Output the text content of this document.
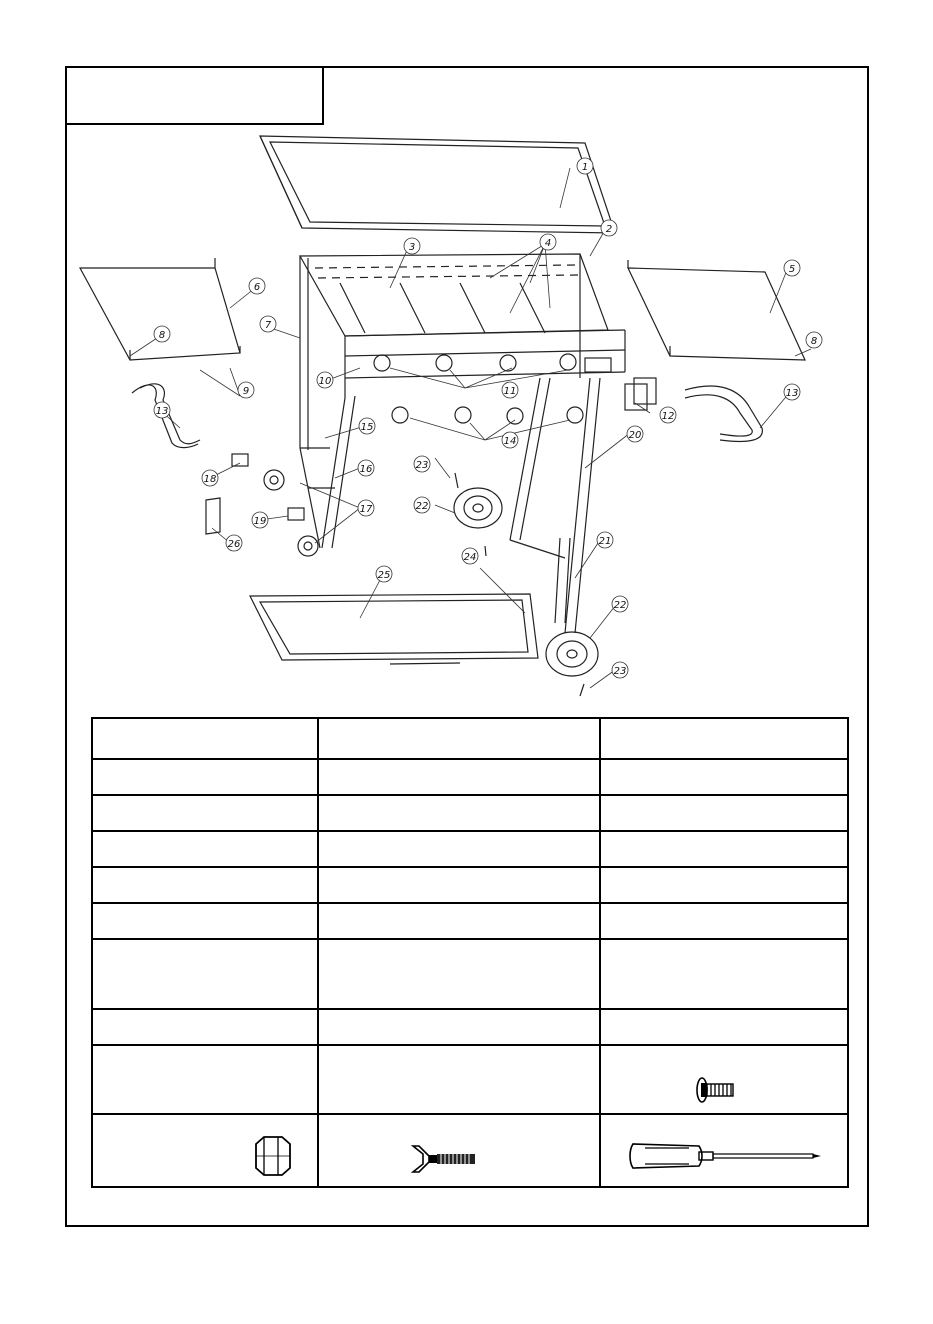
1
2
3	4
5
6
7
8
8
9
10
11
12
13
13
14
15
16
17
18
19
20
21
22
22
23
23
24
25
26
